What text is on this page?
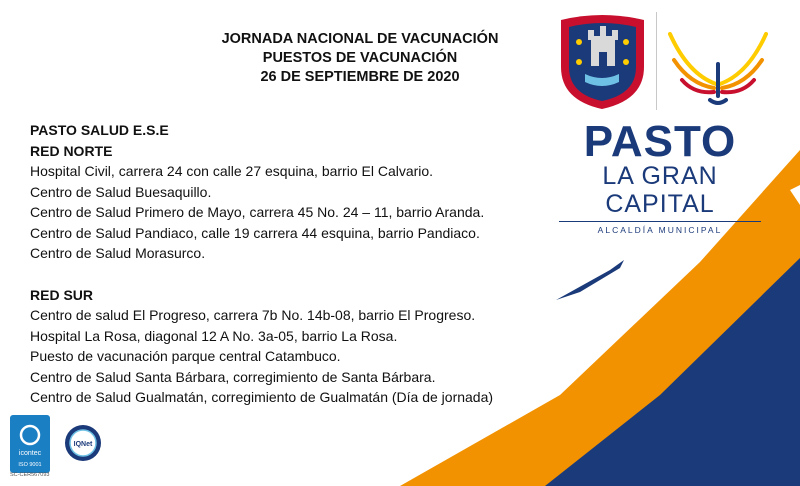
JORNADA NACIONAL DE VACUNACIÓN
PUESTOS DE VACUNACIÓN
26 DE SEPTIEMBRE DE 2020
PASTO SALUD E.S.E
RED NORTE
Hospital Civil, carrera 24 con calle 27 esquina, barrio El Calvario.
Centro de Salud Buesaquillo.
Centro de Salud Primero de Mayo, carrera 45 No. 24 – 11, barrio Aranda.
Centro de Salud Pandiaco, calle 19 carrera 44 esquina, barrio Pandiaco.
Centro de Salud Morasurco.
RED SUR
Centro de salud El Progreso, carrera 7b No. 14b-08, barrio El Progreso.
Hospital La Rosa, diagonal 12 A No. 3a-05, barrio La Rosa.
Puesto de vacunación parque central Catambuco.
Centro de Salud Santa Bárbara, corregimiento de Santa Bárbara.
Centro de Salud Gualmatán, corregimiento de Gualmatán (Día de jornada)
PASTO
LA GRAN CAPITAL
ALCALDÍA MUNICIPAL
icontec
ISO 9001
SC-CER567093
IQNet
